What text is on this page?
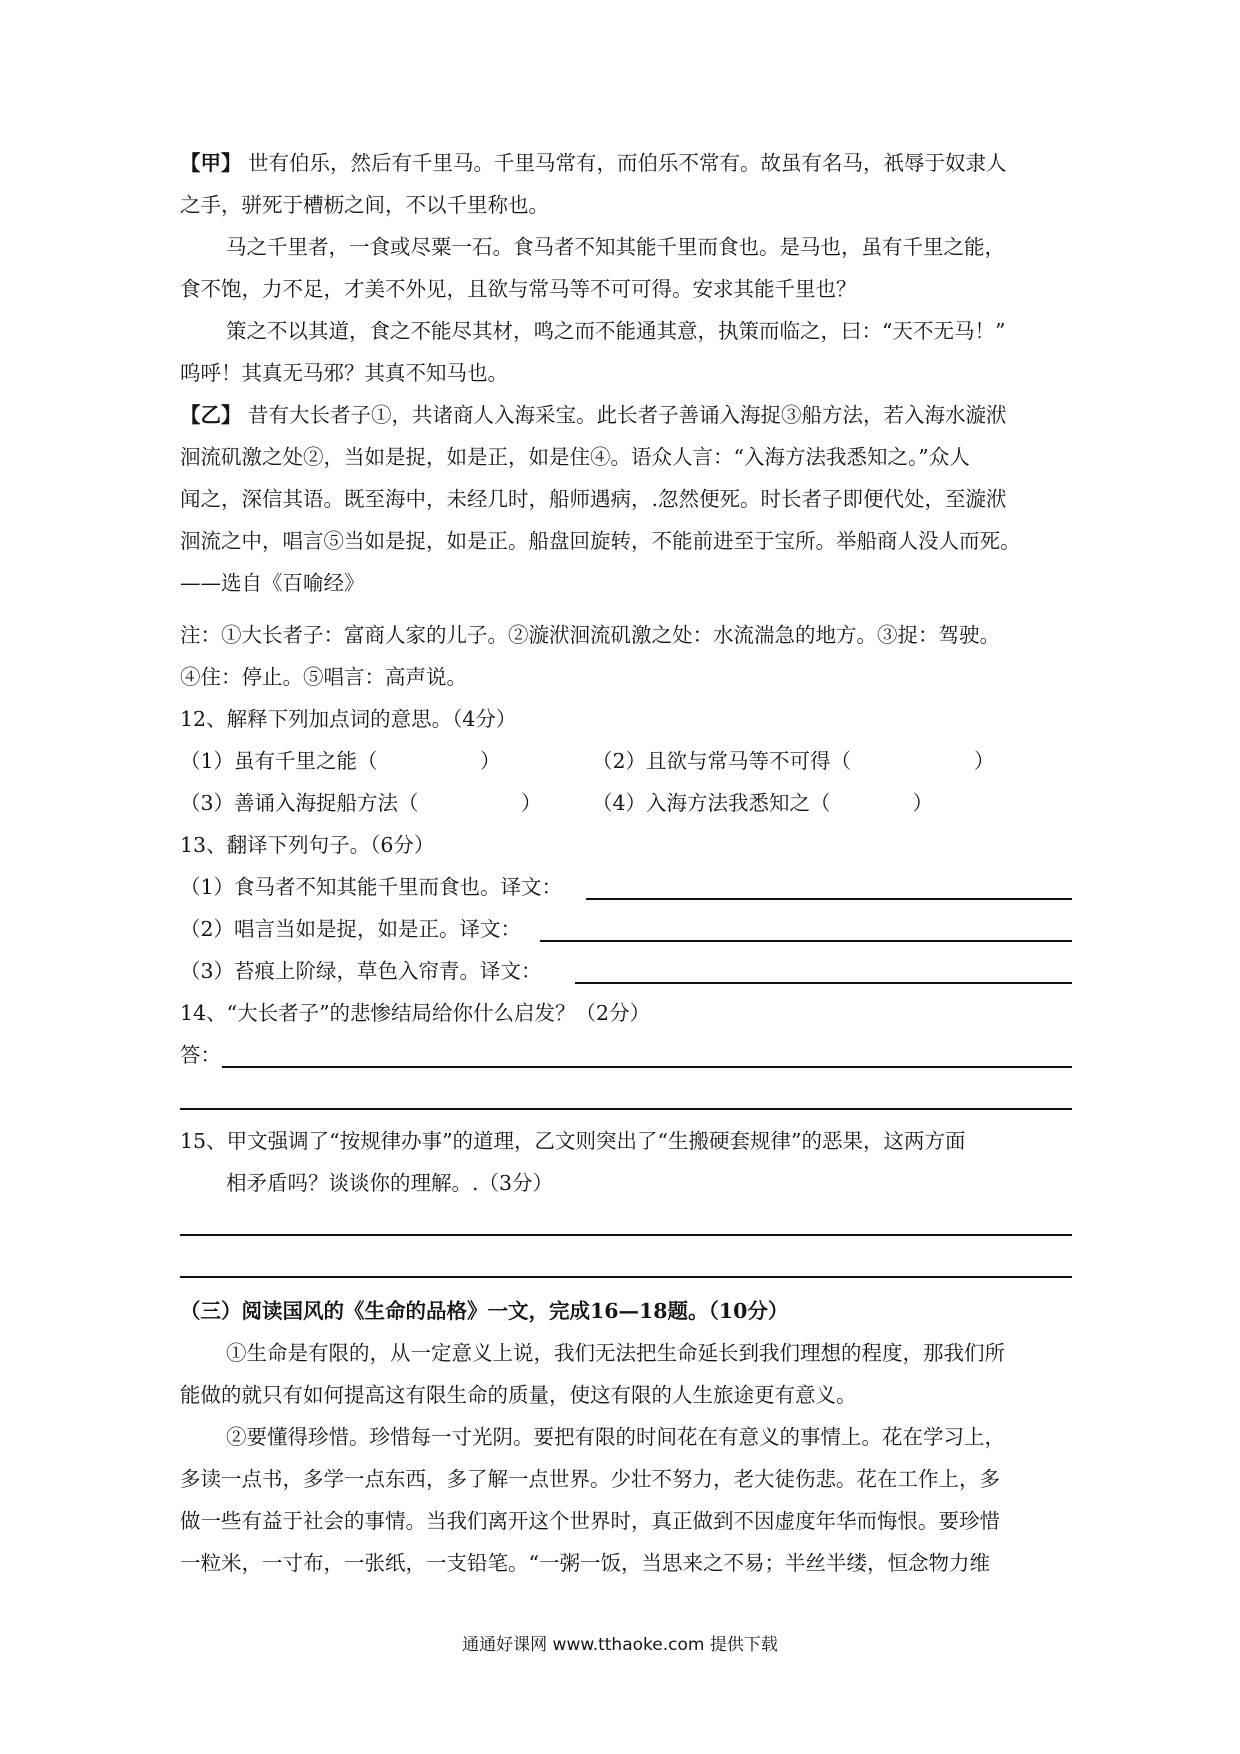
【甲】 世有伯乐，然后有千里马。千里马常有，而伯乐不常有。故虽有名马，祇辱于奴隶人
之手，骈死于槽枥之间，不以千里称也。
马之千里者，一食或尽粟一石。食马者不知其能千里而食也。是马也，虽有千里之能，
食不饱，力不足，才美不外见，且欲与常马等不可可得。安求其能千里也？
策之不以其道，食之不能尽其材，鸣之而不能通其意，执策而临之，曰：“天不无马！”
呜呼！其真无马邪？其真不知马也。
【乙】 昔有大长者子①，共诸商人入海采宝。此长者子善诵入海捉③船方法，若入海水漩洑
洄流矶激之处②，当如是捉，如是正，如是住④。语众人言：“入海方法我悉知之。”众人
闻之，深信其语。既至海中，未经几时，船师遇病，.忽然便死。时长者子即便代处，至漩洑
洄流之中，唱言⑤当如是捉，如是正。船盘回旋转，不能前进至于宝所。举船商人没人而死。
——选自《百喻经》
注：①大长者子：富商人家的儿子。②漩洑洄流矶激之处：水流湍急的地方。③捉：驾驶。
④住：停止。⑤唱言：高声说。
12、解释下列加点词的意思。（4分）
（1）虽有千里之能（　　　　　）	（2）且欲与常马等不可得（　　　　　　）
（3）善诵入海捉船方法（　　　　　） （4）入海方法我悉知之（　　　　）
13、翻译下列句子。（6分）
（1）食马者不知其能千里而食也。译文：
（2）唱言当如是捉，如是正。译文：
（3）苔痕上阶绿，草色入帘青。译文：
14、“大长者子”的悲惨结局给你什么启发？（2分）
答：
15、甲文强调了“按规律办事”的道理，乙文则突出了“生搬硬套规律”的恶果，这两方面
相矛盾吗？谈谈你的理解。.（3分）
（三）阅读国风的《生命的品格》一文，完成16—18题。（10分）
①生命是有限的，从一定意义上说，我们无法把生命延长到我们理想的程度，那我们所
能做的就只有如何提高这有限生命的质量，使这有限的人生旅途更有意义。
②要懂得珍惜。珍惜每一寸光阴。要把有限的时间花在有意义的事情上。花在学习上，
多读一点书，多学一点东西，多了解一点世界。少壮不努力，老大徒伤悲。花在工作上，多
做一些有益于社会的事情。当我们离开这个世界时，真正做到不因虚度年华而悔恨。要珍惜
一粒米，一寸布，一张纸，一支铅笔。“一粥一饭，当思来之不易；半丝半缕，恒念物力维
通通好课网 www.tthaoke.com 提供下载
